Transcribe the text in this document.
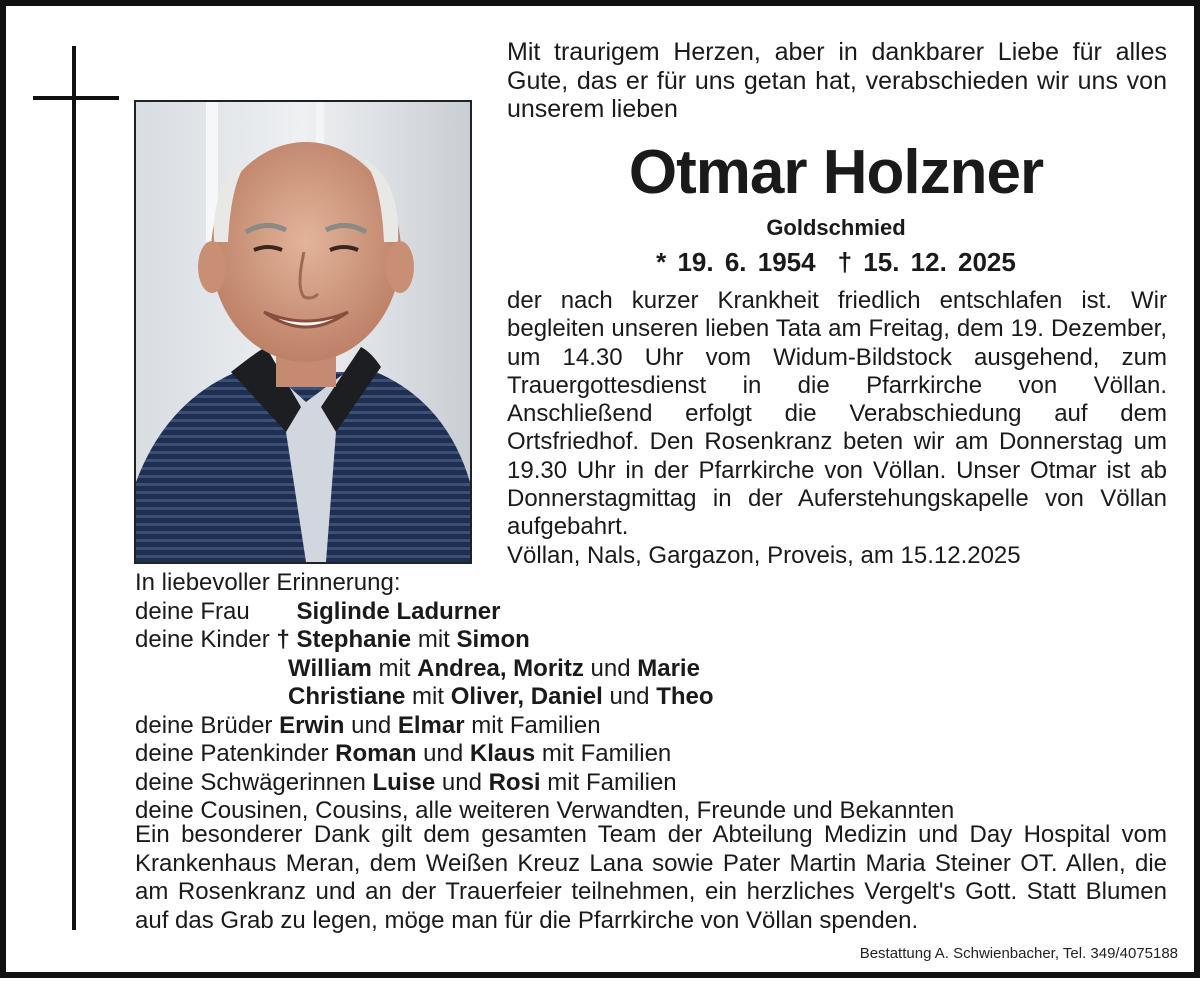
Mit traurigem Herzen, aber in dankbarer Liebe für alles Gute, das er für uns getan hat, verabschieden wir uns von unserem lieben
Otmar Holzner
Goldschmied
* 19. 6. 1954 † 15. 12. 2025
der nach kurzer Krankheit friedlich entschlafen ist. Wir begleiten unseren lieben Tata am Freitag, dem 19. Dezember, um 14.30 Uhr vom Widum-Bildstock ausgehend, zum Trauergottesdienst in die Pfarrkirche von Völlan. Anschließend erfolgt die Verabschiedung auf dem Ortsfriedhof. Den Rosenkranz beten wir am Donnerstag um 19.30 Uhr in der Pfarrkirche von Völlan. Unser Otmar ist ab Donnerstagmittag in der Auferstehungskapelle von Völlan aufgebahrt.
Völlan, Nals, Gargazon, Proveis, am 15.12.2025
In liebevoller Erinnerung:
deine Frau Siglinde Ladurner
deine Kinder † Stephanie mit Simon
William mit Andrea, Moritz und Marie
Christiane mit Oliver, Daniel und Theo
deine Brüder Erwin und Elmar mit Familien
deine Patenkinder Roman und Klaus mit Familien
deine Schwägerinnen Luise und Rosi mit Familien
deine Cousinen, Cousins, alle weiteren Verwandten, Freunde und Bekannten
Ein besonderer Dank gilt dem gesamten Team der Abteilung Medizin und Day Hospital vom Krankenhaus Meran, dem Weißen Kreuz Lana sowie Pater Martin Maria Steiner OT. Allen, die am Rosenkranz und an der Trauerfeier teilnehmen, ein herzliches Vergelt's Gott. Statt Blumen auf das Grab zu legen, möge man für die Pfarrkirche von Völlan spenden.
Bestattung A. Schwienbacher, Tel. 349/4075188
